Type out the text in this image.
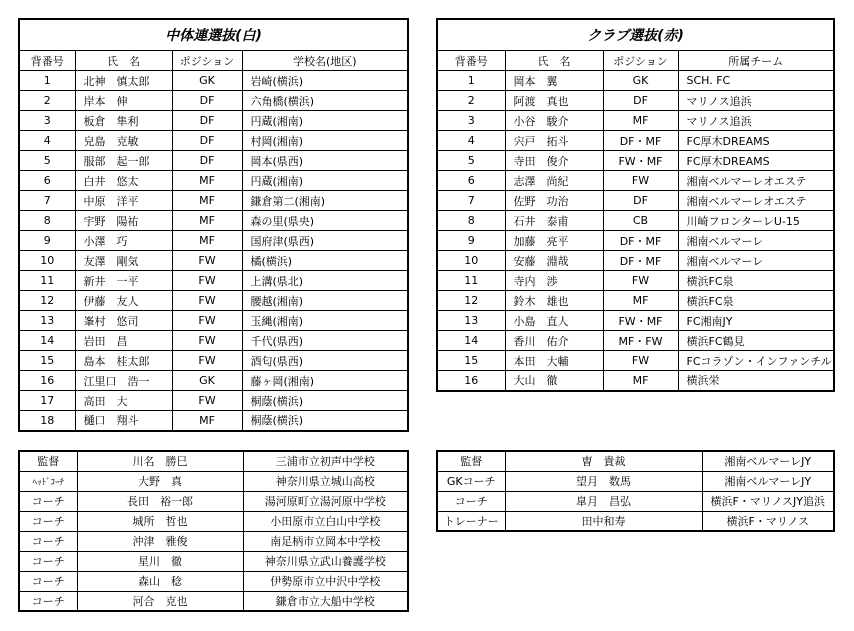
中体連選抜(白)			
背番号	氏　名	ポジション	学校名(地区)
1	北神　慎太郎	GK	岩崎(横浜)
2	岸本　伸	DF	六角橋(横浜)
3	板倉　隼利	DF	円蔵(湘南)
4	皃島　克敏	DF	村岡(湘南)
5	服部　起一郎	DF	岡本(県西)
6	白井　悠太	MF	円蔵(湘南)
7	中原　洋平	MF	鎌倉第二(湘南)
8	宇野　陽祐	MF	森の里(県央)
9	小澤　巧	MF	国府津(県西)
10	友澤　剛気	FW	橘(横浜)
11	新井　一平	FW	上溝(県北)
12	伊藤　友人	FW	腰越(湘南)
13	峯村　悠司	FW	玉縄(湘南)
14	岩田　昌	FW	千代(県西)
15	島本　桂太郎	FW	酒匂(県西)
16	江里口　浩一	GK	藤ヶ岡(湘南)
17	高田　大	FW	桐蔭(横浜)
18	樋口　翔斗	MF	桐蔭(横浜)
クラブ選抜(赤)			
背番号	氏　名	ポジション	所属チーム
1	岡本　翼	GK	SCH. FC
2	阿渡　真也	DF	マリノス追浜
3	小谷　駿介	MF	マリノス追浜
4	宍戸　拓斗	DF・MF	FC厚木DREAMS
5	寺田　俊介	FW・MF	FC厚木DREAMS
6	志澤　尚紀	FW	湘南ベルマーレオエステ
7	佐野　功治	DF	湘南ベルマーレオエステ
8	石井　泰甫	CB	川崎フロンターレU-15
9	加藤　亮平	DF・MF	湘南ベルマーレ
10	安藤　淵哉	DF・MF	湘南ベルマーレ
11	寺内　渉	FW	横浜FC泉
12	鈴木　雄也	MF	横浜FC泉
13	小島　直人	FW・MF	FC湘南JY
14	香川　佑介	MF・FW	横浜FC鶴見
15	本田　大輔	FW	FCコラゾン・インファンチル
16	大山　徹	MF	横浜栄
監督	川名　勝巳	三浦市立初声中学校
ﾍｯﾄﾞｺｰﾁ	大野　真	神奈川県立城山高校
コーチ	長田　裕一郎	湯河原町立湯河原中学校
コーチ	城所　哲也	小田原市立白山中学校
コーチ	沖津　雅俊	南足柄市立岡本中学校
コーチ	星川　徹	神奈川県立武山養護学校
コーチ	森山　稔	伊勢原市立中沢中学校
コーチ	河合　克也	鎌倉市立大船中学校
監督	曺　貴裁	湘南ベルマーレJY
GKコーチ	望月　数馬	湘南ベルマーレJY
コーチ	皐月　昌弘	横浜F・マリノスJY追浜
トレーナー	田中和寿	横浜F・マリノス
